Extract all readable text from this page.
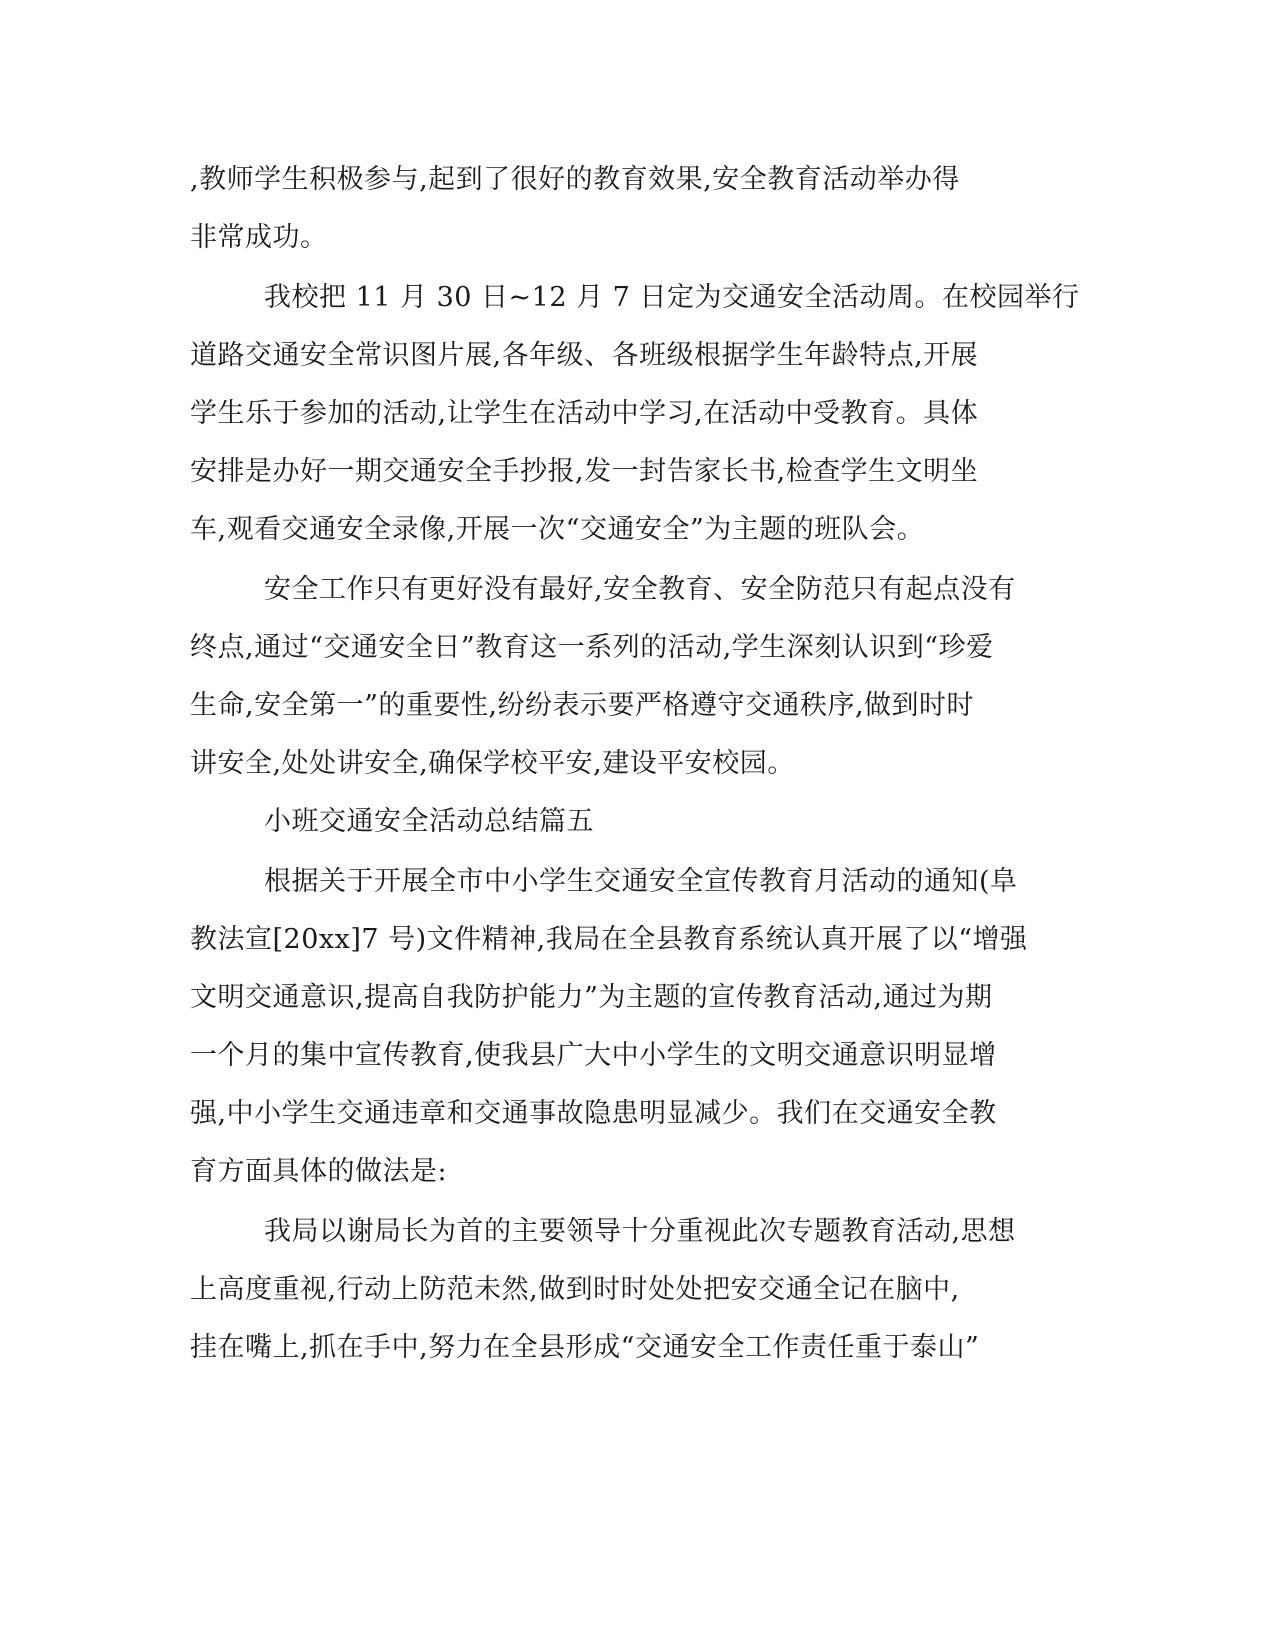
,教师学生积极参与,起到了很好的教育效果,安全教育活动举办得

非常成功。

我校把 11 月 30 日~12 月 7 日定为交通安全活动周。在校园举行

道路交通安全常识图片展,各年级、各班级根据学生年龄特点,开展

学生乐于参加的活动,让学生在活动中学习,在活动中受教育。具体

安排是办好一期交通安全手抄报,发一封告家长书,检查学生文明坐

车,观看交通安全录像,开展一次“交通安全”为主题的班队会。

安全工作只有更好没有最好,安全教育、安全防范只有起点没有

终点,通过“交通安全日”教育这一系列的活动,学生深刻认识到“珍爱

生命,安全第一”的重要性,纷纷表示要严格遵守交通秩序,做到时时

讲安全,处处讲安全,确保学校平安,建设平安校园。

小班交通安全活动总结篇五

根据关于开展全市中小学生交通安全宣传教育月活动的通知(阜

教法宣[20xx]7 号)文件精神,我局在全县教育系统认真开展了以“增强

文明交通意识,提高自我防护能力”为主题的宣传教育活动,通过为期

一个月的集中宣传教育,使我县广大中小学生的文明交通意识明显增

强,中小学生交通违章和交通事故隐患明显减少。我们在交通安全教

育方面具体的做法是:

我局以谢局长为首的主要领导十分重视此次专题教育活动,思想

上高度重视,行动上防范未然,做到时时处处把安交通全记在脑中,

挂在嘴上,抓在手中,努力在全县形成“交通安全工作责任重于泰山”
